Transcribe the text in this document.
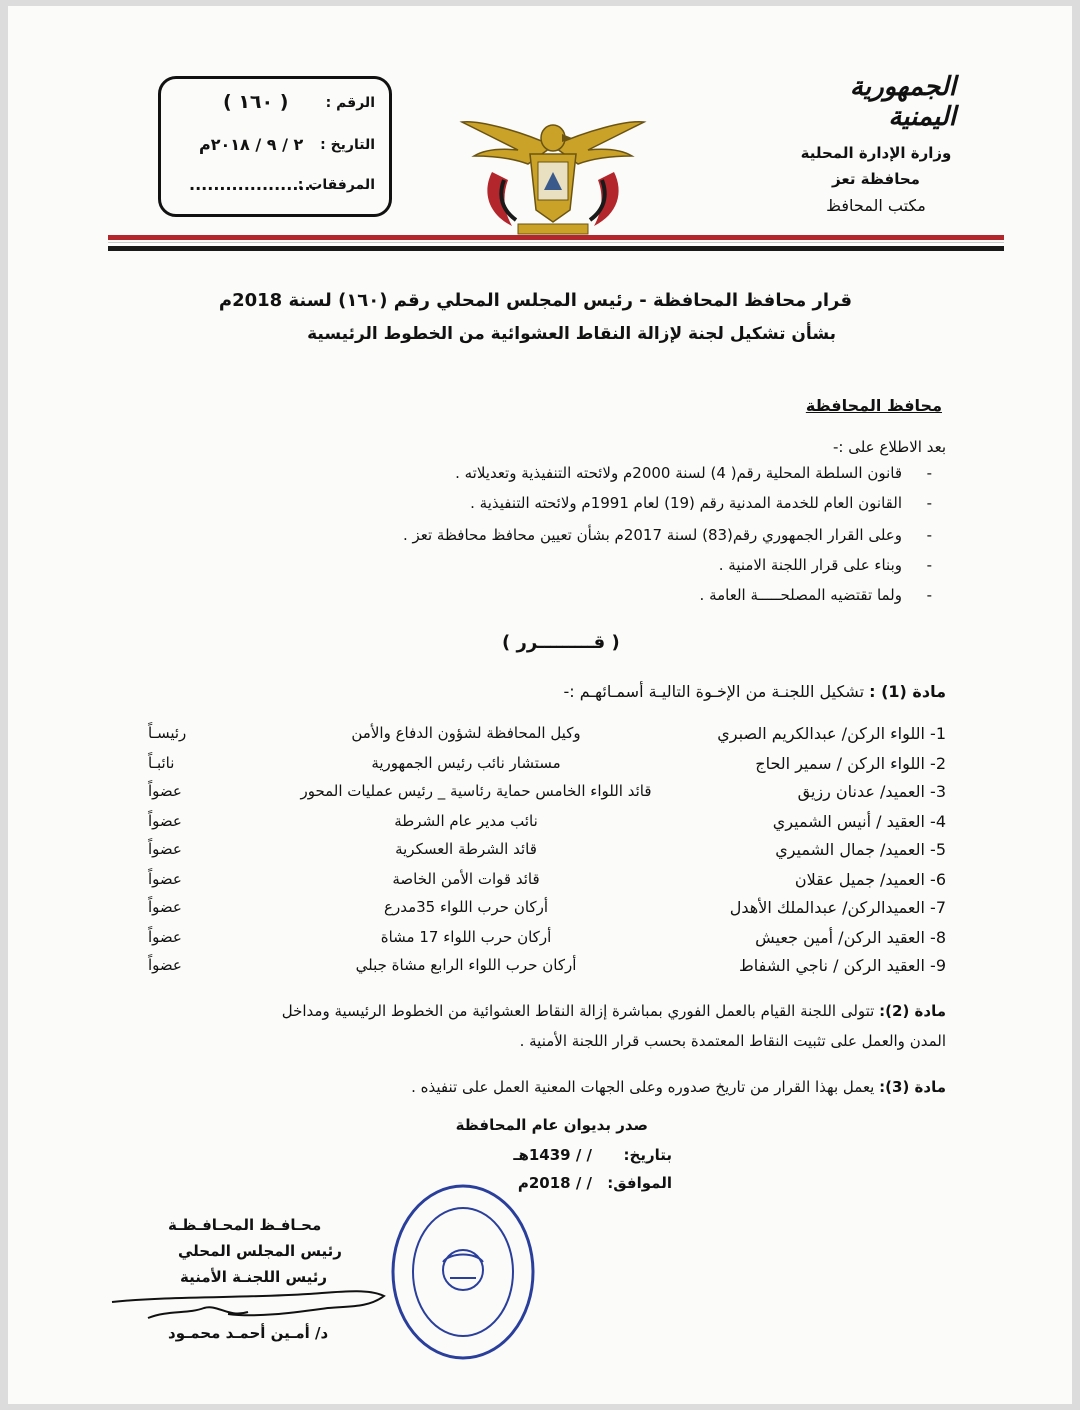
الرقم :
( ١٦٠ )
التاريخ :
٢ / ٩ / ٢٠١٨م
المرفقات :
.....................
الجمهورية اليمنية
وزارة الإدارة المحلية
محافظة تعز
مكتب المحافظ
قرار محافظ المحافظة - رئيس المجلس المحلي رقم (١٦٠) لسنة 2018م
بشأن تشكيل لجنة لإزالة النقاط العشوائية من الخطوط الرئيسية
محافظ المحافظة
بعد الاطلاع على :-
-
قانون السلطة المحلية رقم( 4) لسنة 2000م ولائحته التنفيذية وتعديلاته .
-
القانون العام للخدمة المدنية رقم (19) لعام 1991م ولائحته التنفيذية .
-
وعلى القرار الجمهوري رقم(83) لسنة 2017م بشأن تعيين محافظ محافظة تعز .
-
وبناء على قرار اللجنة الامنية .
-
ولما تقتضيه المصلحـــــة العامة .
( قـــــــــرر )
مادة (1) : تشكيل اللجنـة من الإخـوة التاليـة أسمـائهـم :-
1- اللواء الركن/ عبدالكريم الصبري
وكيل المحافظة لشؤون الدفاع والأمن
رئيسـاً
2- اللواء الركن / سمير الحاج
مستشار نائب رئيس الجمهورية
نائبـاً
3- العميد/ عدنان رزيق
قائد اللواء الخامس حماية رئاسية _ رئيس عمليات المحور
عضواً
4- العقيد / أنيس الشميري
نائب مدير عام الشرطة
عضواً
5- العميد/ جمال الشميري
قائد الشرطة العسكرية
عضواً
6- العميد/ جميل عقلان
قائد قوات الأمن الخاصة
عضواً
7- العميدالركن/ عبدالملك الأهدل
أركان حرب اللواء 35مدرع
عضواً
8- العقيد الركن/ أمين جعيش
أركان حرب اللواء 17 مشاة
عضواً
9- العقيد الركن / ناجي الشفاط
أركان حرب اللواء الرابع مشاة جبلي
عضواً
مادة (2): تتولى اللجنة القيام بالعمل الفوري بمباشرة إزالة النقاط العشوائية من الخطوط الرئيسية ومداخل
المدن والعمل على تثبيت النقاط المعتمدة بحسب قرار اللجنة الأمنية .
مادة (3): يعمل بهذا القرار من تاريخ صدوره وعلى الجهات المعنية العمل على تنفيذه .
صدر بديوان عام المحافظة
بتاريخ:
/ / 1439هـ
الموافق:
/ / 2018م
محـافـظ المحـافـظـة
رئيس المجلس المحلي
رئيس اللجنـة الأمنية
د/ أمـين أحمـد محمـود
